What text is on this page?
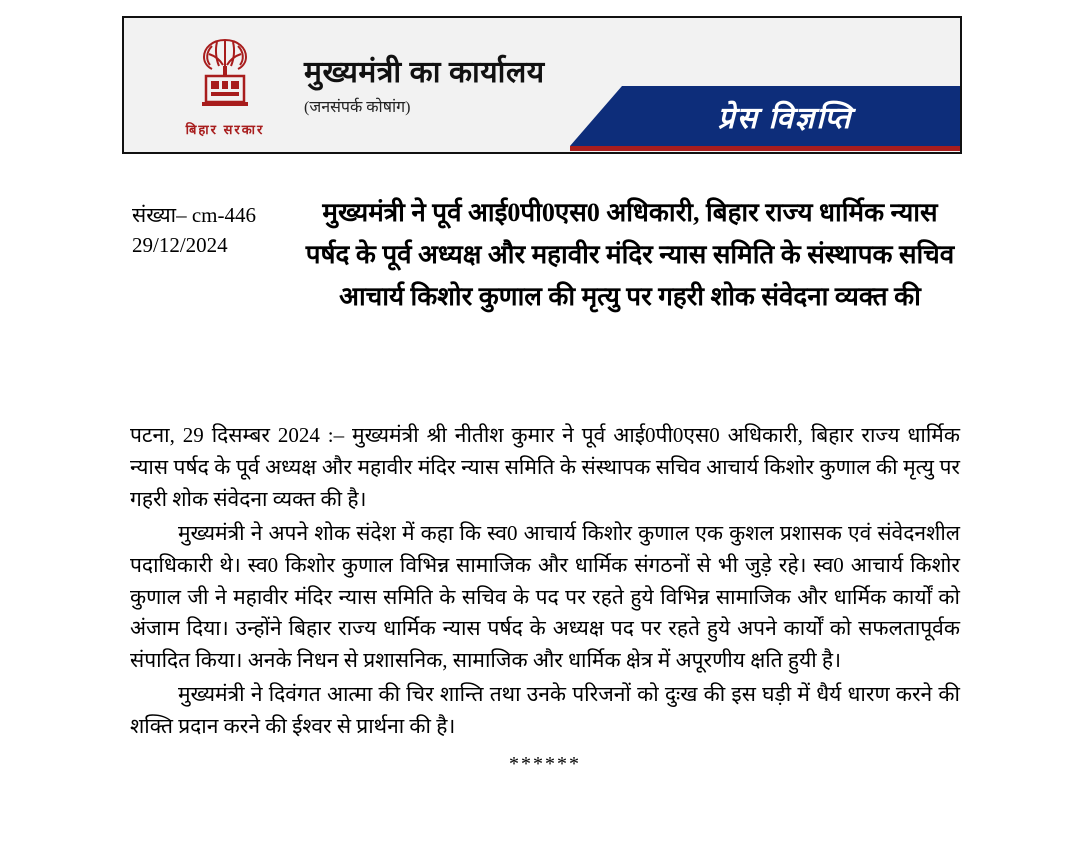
बिहार सरकार
मुख्यमंत्री का कार्यालय
(जनसंपर्क कोषांग)	प्रेस विज्ञप्ति
संख्या– cm-446
29/12/2024
मुख्यमंत्री ने पूर्व आई0पी0एस0 अधिकारी, बिहार राज्य धार्मिक न्यास पर्षद के पूर्व अध्यक्ष और महावीर मंदिर न्यास समिति के संस्थापक सचिव आचार्य किशोर कुणाल की मृत्यु पर गहरी शोक संवेदना व्यक्त की

पटना, 29 दिसम्बर 2024 :– मुख्यमंत्री श्री नीतीश कुमार ने पूर्व आई0पी0एस0 अधिकारी, बिहार राज्य धार्मिक न्यास पर्षद के पूर्व अध्यक्ष और महावीर मंदिर न्यास समिति के संस्थापक सचिव आचार्य किशोर कुणाल की मृत्यु पर गहरी शोक संवेदना व्यक्त की है।

मुख्यमंत्री ने अपने शोक संदेश में कहा कि स्व0 आचार्य किशोर कुणाल एक कुशल प्रशासक एवं संवेदनशील पदाधिकारी थे। स्व0 किशोर कुणाल विभिन्न सामाजिक और धार्मिक संगठनों से भी जुड़े रहे। स्व0 आचार्य किशोर कुणाल जी ने महावीर मंदिर न्यास समिति के सचिव के पद पर रहते हुये विभिन्न सामाजिक और धार्मिक कार्यों को अंजाम दिया। उन्होंने बिहार राज्य धार्मिक न्यास पर्षद के अध्यक्ष पद पर रहते हुये अपने कार्यों को सफलतापूर्वक संपादित किया। अनके निधन से प्रशासनिक, सामाजिक और धार्मिक क्षेत्र में अपूरणीय क्षति हुयी है।

मुख्यमंत्री ने दिवंगत आत्मा की चिर शान्ति तथा उनके परिजनों को दुःख की इस घड़ी में धैर्य धारण करने की शक्ति प्रदान करने की ईश्वर से प्रार्थना की है।

******
